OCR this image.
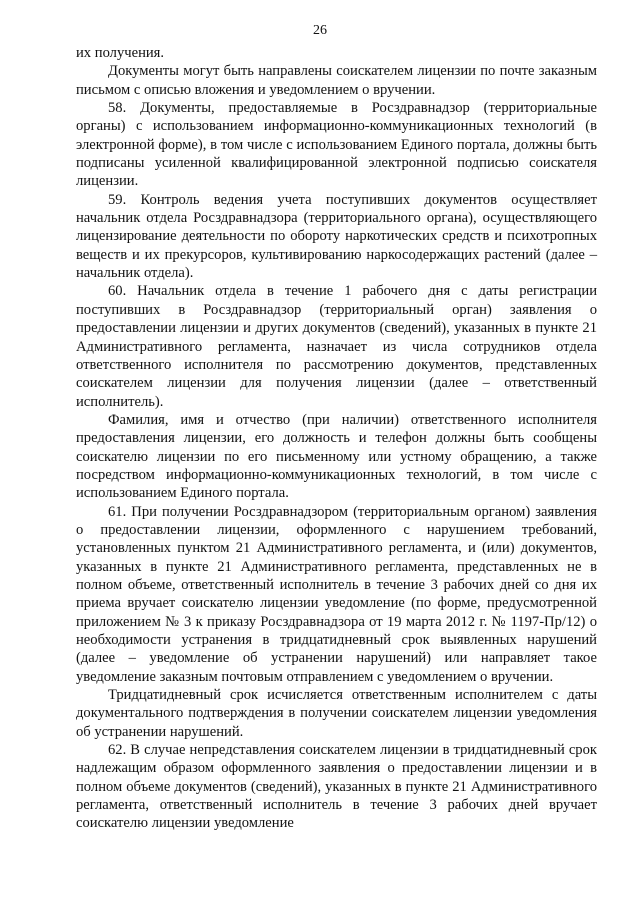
26

их получения.

Документы могут быть направлены соискателем лицензии по почте заказным письмом с описью вложения и уведомлением о вручении.

58. Документы, предоставляемые в Росздравнадзор (территориальные органы) с использованием информационно-коммуникационных технологий (в электронной форме), в том числе с использованием Единого портала, должны быть подписаны усиленной квалифицированной электронной подписью соискателя лицензии.

59. Контроль ведения учета поступивших документов осуществляет начальник отдела Росздравнадзора (территориального органа), осуществляющего лицензирование деятельности по обороту наркотических средств и психотропных веществ и их прекурсоров, культивированию наркосодержащих растений (далее – начальник отдела).

60. Начальник отдела в течение 1 рабочего дня с даты регистрации поступивших в Росздравнадзор (территориальный орган) заявления о предоставлении лицензии и других документов (сведений), указанных в пункте 21 Административного регламента, назначает из числа сотрудников отдела ответственного исполнителя по рассмотрению документов, представленных соискателем лицензии для получения лицензии (далее – ответственный исполнитель).

Фамилия, имя и отчество (при наличии) ответственного исполнителя предоставления лицензии, его должность и телефон должны быть сообщены соискателю лицензии по его письменному или устному обращению, а также посредством информационно-коммуникационных технологий, в том числе с использованием Единого портала.

61. При получении Росздравнадзором (территориальным органом) заявления о предоставлении лицензии, оформленного с нарушением требований, установленных пунктом 21 Административного регламента, и (или) документов, указанных в пункте 21 Административного регламента, представленных не в полном объеме, ответственный исполнитель в течение 3 рабочих дней со дня их приема вручает соискателю лицензии уведомление (по форме, предусмотренной приложением № 3 к приказу Росздравнадзора от 19 марта 2012 г. № 1197-Пр/12) о необходимости устранения в тридцатидневный срок выявленных нарушений (далее – уведомление об устранении нарушений) или направляет такое уведомление заказным почтовым отправлением с уведомлением о вручении.

Тридцатидневный срок исчисляется ответственным исполнителем с даты документального подтверждения в получении соискателем лицензии уведомления об устранении нарушений.

62. В случае непредставления соискателем лицензии в тридцатидневный срок надлежащим образом оформленного заявления о предоставлении лицензии и в полном объеме документов (сведений), указанных в пункте 21 Административного регламента, ответственный исполнитель в течение 3 рабочих дней вручает соискателю лицензии уведомление
